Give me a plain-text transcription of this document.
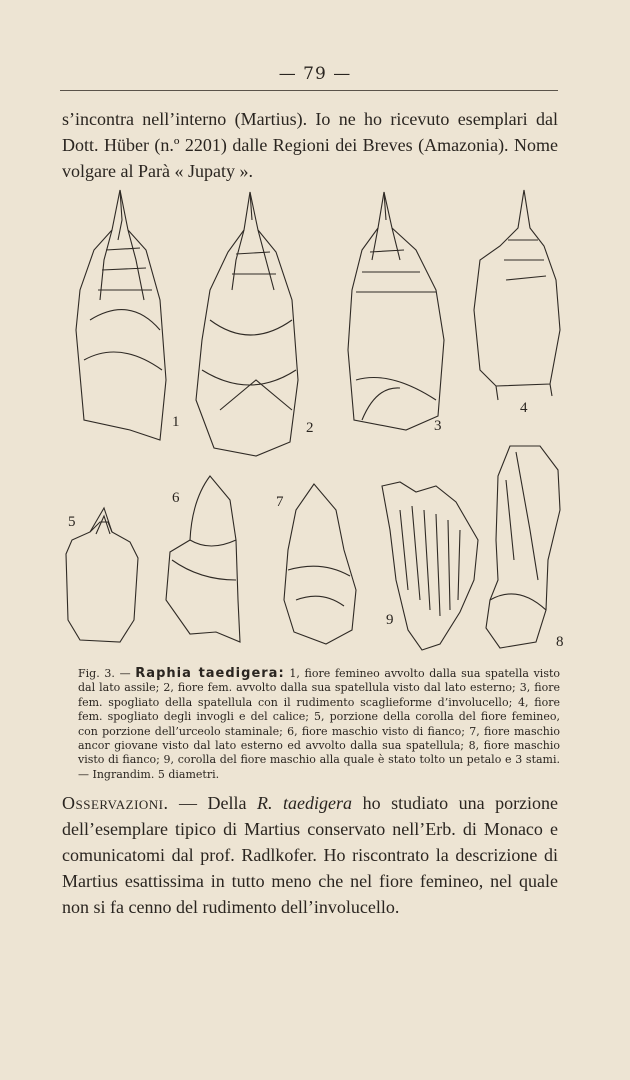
— 79 —
s’incontra nell’interno (Martius). Io ne ho ricevuto esemplari dal Dott. Hüber (n.º 2201) dalle Regioni dei Breves (Amazonia). Nome volgare al Parà « Jupaty ».
1	2	3
4
5
6	7
9
8
Fig. 3. — Raphia taedigera: 1, fiore femineo avvolto dalla sua spatella visto dal lato assile; 2, fiore fem. avvolto dalla sua spatellula visto dal lato esterno; 3, fiore fem. spogliato della spatellula con il rudimento scaglieforme d’involucello; 4, fiore fem. spogliato degli invogli e del calice; 5, porzione della corolla del fiore femineo, con porzione dell’urceolo staminale; 6, fiore maschio visto di fianco; 7, fiore maschio ancor giovane visto dal lato esterno ed avvolto dalla sua spatellula; 8, fiore maschio visto di fianco; 9, corolla del fiore maschio alla quale è stato tolto un petalo e 3 stami. — Ingrandim. 5 diametri.
Osservazioni. — Della R. taedigera ho studiato una porzione dell’esemplare tipico di Martius conservato nell’Erb. di Monaco e comunicatomi dal prof. Radlkofer. Ho riscontrato la descrizione di Martius esattissima in tutto meno che nel fiore femineo, nel quale non si fa cenno del rudimento dell’involucello.
